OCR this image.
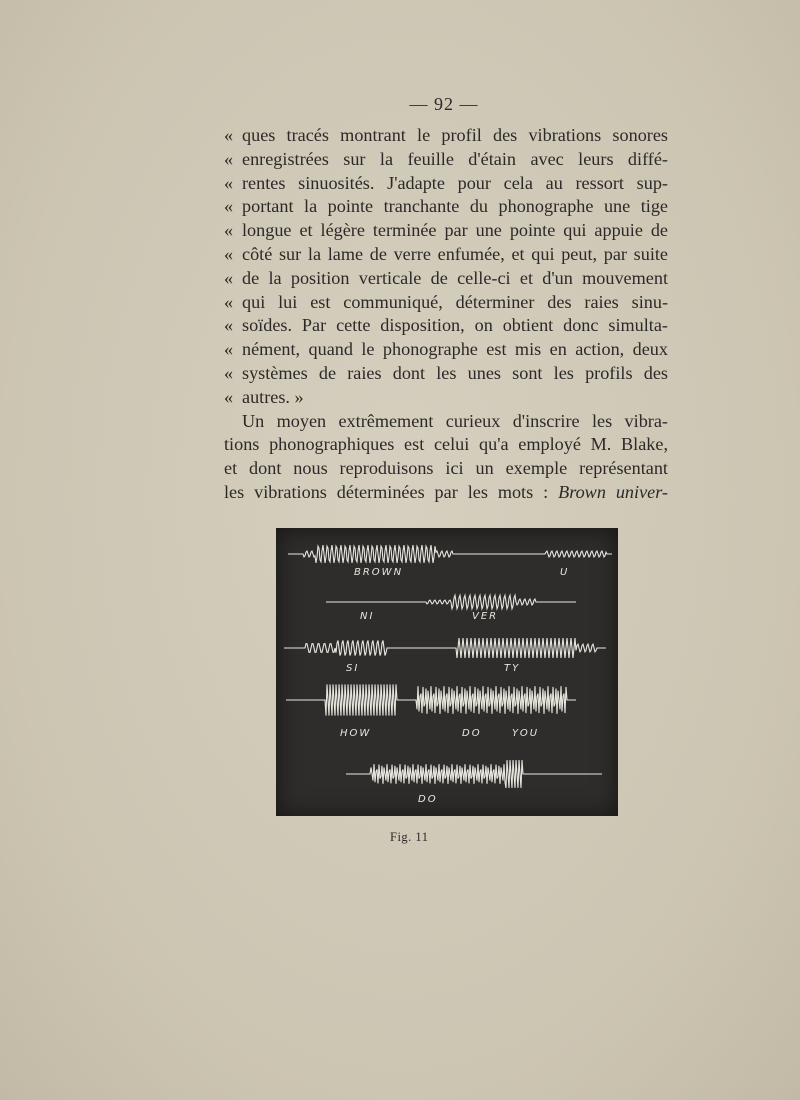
— 92 —
« ques tracés montrant le profil des vibrations sonores
« enregistrées sur la feuille d'étain avec leurs diffé-
« rentes sinuosités. J'adapte pour cela au ressort sup-
« portant la pointe tranchante du phonographe une tige
« longue et légère terminée par une pointe qui appuie de
« côté sur la lame de verre enfumée, et qui peut, par suite
« de la position verticale de celle-ci et d'un mouvement
« qui lui est communiqué, déterminer des raies sinu-
« soïdes. Par cette disposition, on obtient donc simulta-
« nément, quand le phonographe est mis en action, deux
« systèmes de raies dont les unes sont les profils des
« autres. »
Un moyen extrêmement curieux d'inscrire les vibra-
tions phonographiques est celui qu'a employé M. Blake,
et dont nous reproduisons ici un exemple représentant
les vibrations déterminées par les mots : Brown univer-
BROWN	U
NI	VER
SI	TY
HOW	DO	YOU
DO
Fig. 11
